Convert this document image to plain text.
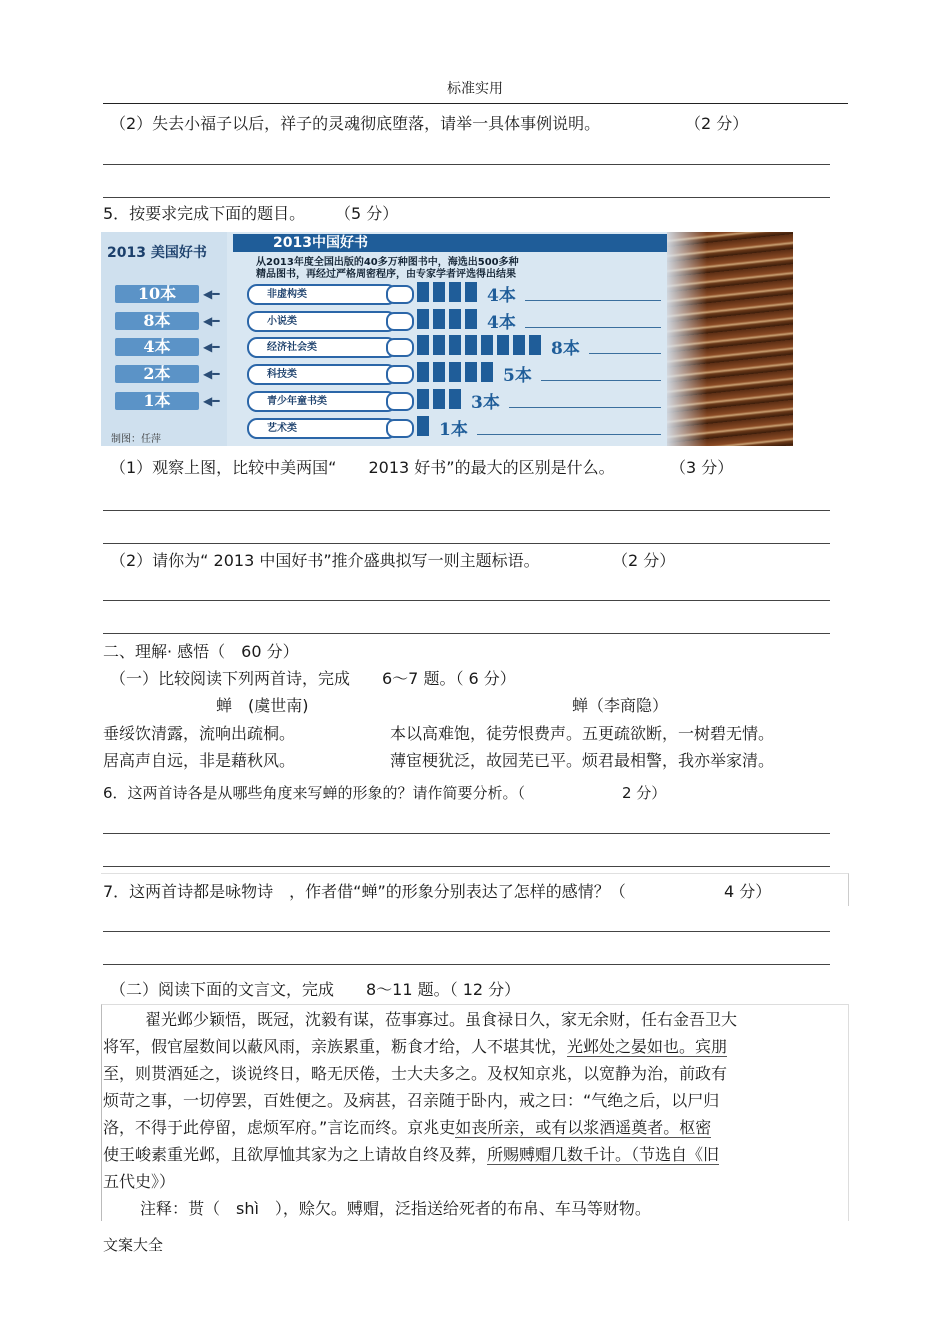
标准实用
（2）失去小福子以后，祥子的灵魂彻底堕落，请举一具体事例说明。	（2 分）
5．按要求完成下面的题目。 （5 分）
2013 美国好书
10本
8本
4本
2本
1本
◀━
◀━
◀━
◀━
◀━
制图：任萍
2013中国好书
从2013年度全国出版的40多万种图书中，海选出500多种
精品图书，再经过严格周密程序，由专家学者评选得出结果
非虚构类
小说类
经济社会类
科技类
青少年童书类
艺术类
4本
4本
8本
5本
3本
1本
（1）观察上图，比较中美两国“　　2013 好书”的最大的区别是什么。	（3 分）
（2）请你为“ 2013 中国好书”推介盛典拟写一则主题标语。	（2 分）
二、理解· 感悟（　60 分）
（一）比较阅读下列两首诗，完成　　6～7 题。（ 6 分）
蝉　(虞世南)	蝉（李商隐）
垂绥饮清露，流响出疏桐。	本以高难饱，徒劳恨费声。五更疏欲断，一树碧无情。
居高声自远，非是藉秋风。	薄宦梗犹泛，故园芜已平。烦君最相警，我亦举家清。
6．这两首诗各是从哪些角度来写蝉的形象的？请作简要分析。（	2 分）
7．这两首诗都是咏物诗　，作者借“蝉”的形象分别表达了怎样的感情？（	4 分）
（二）阅读下面的文言文，完成　　8～11 题。（ 12 分）
翟光邺少颖悟，既冠，沈毅有谋，莅事寡过。虽食禄日久，家无余财，任右金吾卫大
将军，假官屋数间以蔽风雨，亲族累重，粝食才给，人不堪其忧，光邺处之晏如也。宾朋
至，则贳酒延之，谈说终日，略无厌倦，士大夫多之。及权知京兆，以宽静为治，前政有
烦苛之事，一切停罢，百姓便之。及病甚，召亲随于卧内，戒之曰：“气绝之后，以尸归
洛，不得于此停留，虑烦军府。”言讫而终。京兆吏如丧所亲，或有以浆酒遥奠者。枢密
使王峻素重光邺，且欲厚恤其家为之上请故自终及葬，所赐赙赗几数千计。（节选自《旧
五代史》）
注释：贳（　shì　），赊欠。赙赗，泛指送给死者的布帛、车马等财物。
文案大全
